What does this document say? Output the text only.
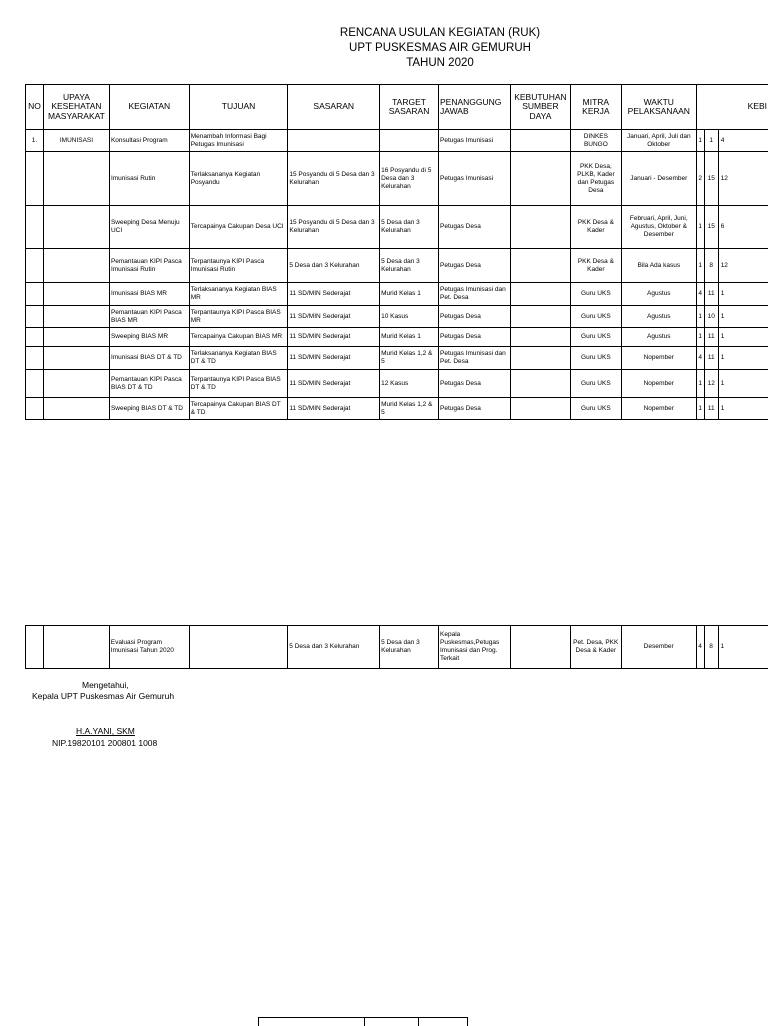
RENCANA USULAN KEGIATAN (RUK)
UPT PUSKESMAS AIR GEMURUH
TAHUN 2020
NO	UPAYA KESEHATAN MASYARAKAT	KEGIATAN	TUJUAN	SASARAN	TARGET SASARAN	PENANGGUNG JAWAB	KEBUTUHAN SUMBER DAYA	MITRA KERJA	WAKTU PELAKSANAAN	KEBI		
1.	IMUNISASI	Konsultasi Program	Menambah Informasi Bagi Petugas Imunisasi			Petugas Imunisasi		DINKES BUNGO	Januari, April, Juli dan Oktober	1	1	4
		Imunisasi Rutin	Terlaksananya Kegiatan Posyandu	15 Posyandu di 5 Desa dan 3 Kelurahan	16 Posyandu di 5 Desa dan 3 Kelurahan	Petugas Imunisasi		PKK Desa, PLKB, Kader dan Petugas Desa	Januari - Desember	2	15	12
		Sweeping Desa Menuju UCI	Tercapainya Cakupan Desa UCI	15 Posyandu di 5 Desa dan 3 Kelurahan	5 Desa dan 3 Kelurahan	Petugas Desa		PKK Desa & Kader	Februari, April, Juni, Agustus, Oktober & Desember	1	15	6
		Pemantauan KIPI Pasca Imunisasi Rutin	Terpantaunya KIPI Pasca Imunisasi Rutin	5 Desa dan 3 Kelurahan	5 Desa dan 3 Kelurahan	Petugas Desa		PKK Desa & Kader	Bila Ada kasus	1	8	12
		Imunisasi BIAS MR	Terlaksananya Kegiatan BIAS MR	11 SD/MIN Sederajat	Murid Kelas 1	Petugas Imunisasi dan Pet. Desa		Guru UKS	Agustus	4	11	1
		Pemantauan KIPI Pasca BIAS MR	Terpantaunya KIPI Pasca BIAS MR	11 SD/MIN Sederajat	10 Kasus	Petugas Desa		Guru UKS	Agustus	1	10	1
		Sweeping BIAS MR	Tercapainya Cakupan BIAS MR	11 SD/MIN Sederajat	Murid Kelas 1	Petugas Desa		Guru UKS	Agustus	1	11	1
		Imunisasi BIAS DT & TD	Terlaksananya Kegiatan BIAS DT & TD	11 SD/MIN Sederajat	Murid Kelas 1,2 & 5	Petugas Imunisasi dan Pet. Desa		Guru UKS	Nopember	4	11	1
		Pemantauan KIPI Pasca BIAS DT & TD	Terpantaunya KIPI Pasca BIAS DT & TD	11 SD/MIN Sederajat	12 Kasus	Petugas Desa		Guru UKS	Nopember	1	12	1
		Sweeping BIAS DT & TD	Tercapainya Cakupan BIAS DT & TD	11 SD/MIN Sederajat	Murid Kelas 1,2 & 5	Petugas Desa		Guru UKS	Nopember	1	11	1
		Evaluasi Program Imunisasi Tahun 2020		5 Desa dan 3 Kelurahan	5 Desa dan 3 Kelurahan	Kepala Puskesmas,Petugas Imunisasi dan Prog. Terkait		Pet. Desa, PKK Desa & Kader	Desember	4	8	1
Mengetahui,
Kepala UPT Puskesmas Air Gemuruh
H.A.YANI, SKM
NIP.19820101 200801 1008
